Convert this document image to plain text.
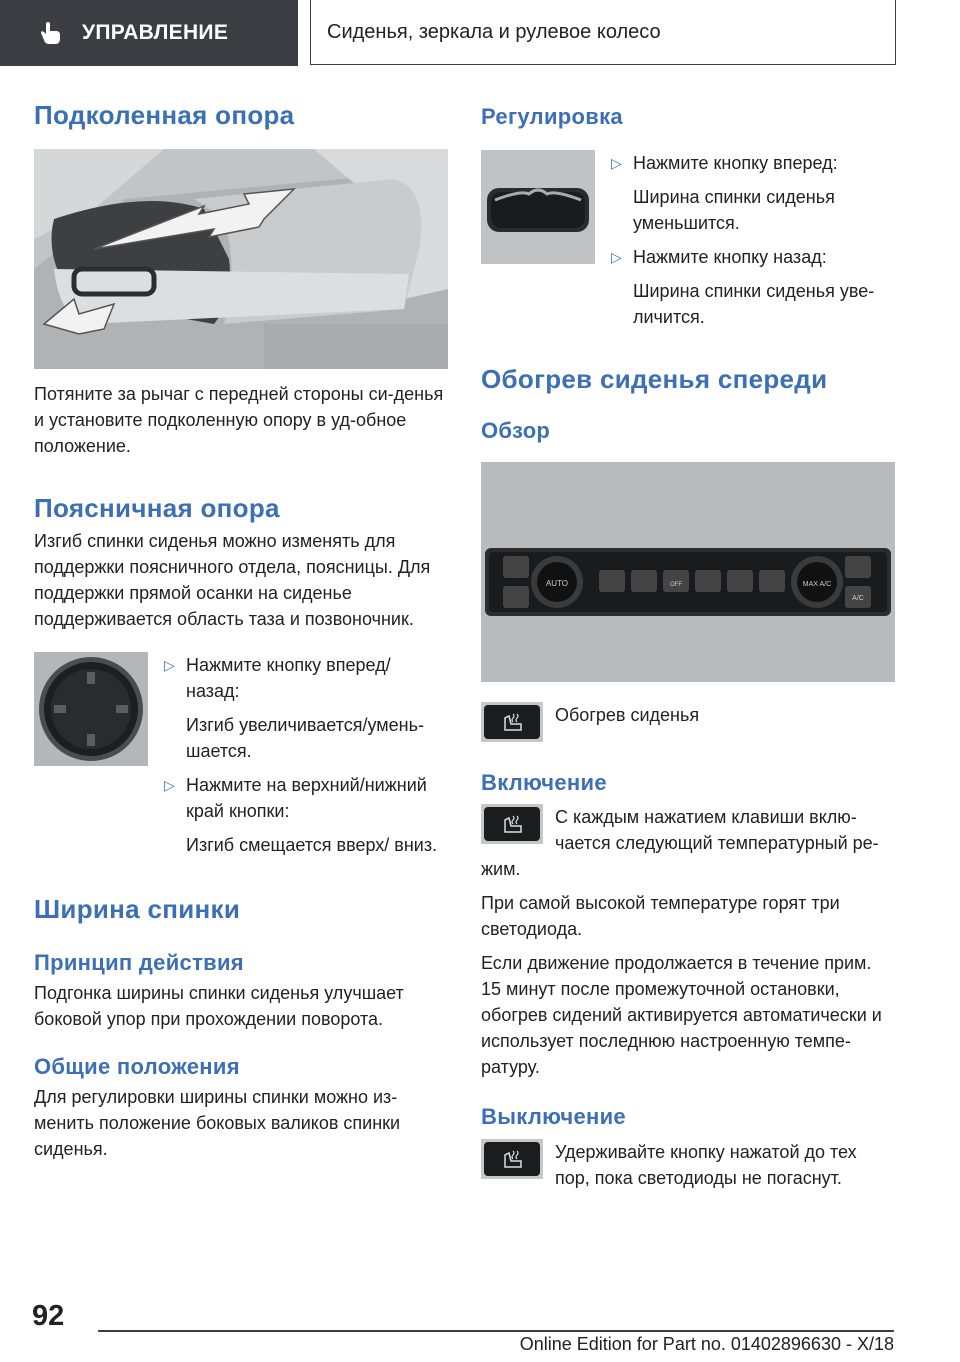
УПРАВЛЕНИЕ	Сиденья, зеркала и рулевое колесо
Подколенная опора

Потяните за рычаг с передней стороны си-денья и установите подколенную опору в уд-обное положение.

Поясничная опора

Изгиб спинки сиденья можно изменять для поддержки поясничного отдела, поясницы. Для поддержки прямой осанки на сиденье поддерживается область таза и позвоночник.

▷ Нажмите кнопку вперед/ назад:

Изгиб увеличивается/умень-шается.

▷ Нажмите на верхний/нижний край кнопки:

Изгиб смещается вверх/ вниз.

Ширина спинки
Принцип действия

Подгонка ширины спинки сиденья улучшает боковой упор при прохождении поворота.

Общие положения

Для регулировки ширины спинки можно из-менить положение боковых валиков спинки сиденья.

Регулировка
▷ Нажмите кнопку вперед:

Ширина спинки сиденья уменьшится.

▷ Нажмите кнопку назад:

Ширина спинки сиденья уве-личится.

Обогрев сиденья спереди
Обзор
AUTO	MAX A/C
OFF
A/C

Обогрев сиденья

Включение

С каждым нажатием клавиши вклю-чается следующий температурный ре-жим.

При самой высокой температуре горят три светодиода.

Если движение продолжается в течение прим. 15 минут после промежуточной остановки, обогрев сидений активируется автоматически и использует последнюю настроенную темпе-ратуру.

Выключение

Удерживайте кнопку нажатой до тех пор, пока светодиоды не погаснут.

92
Online Edition for Part no. 01402896630 - X/18
